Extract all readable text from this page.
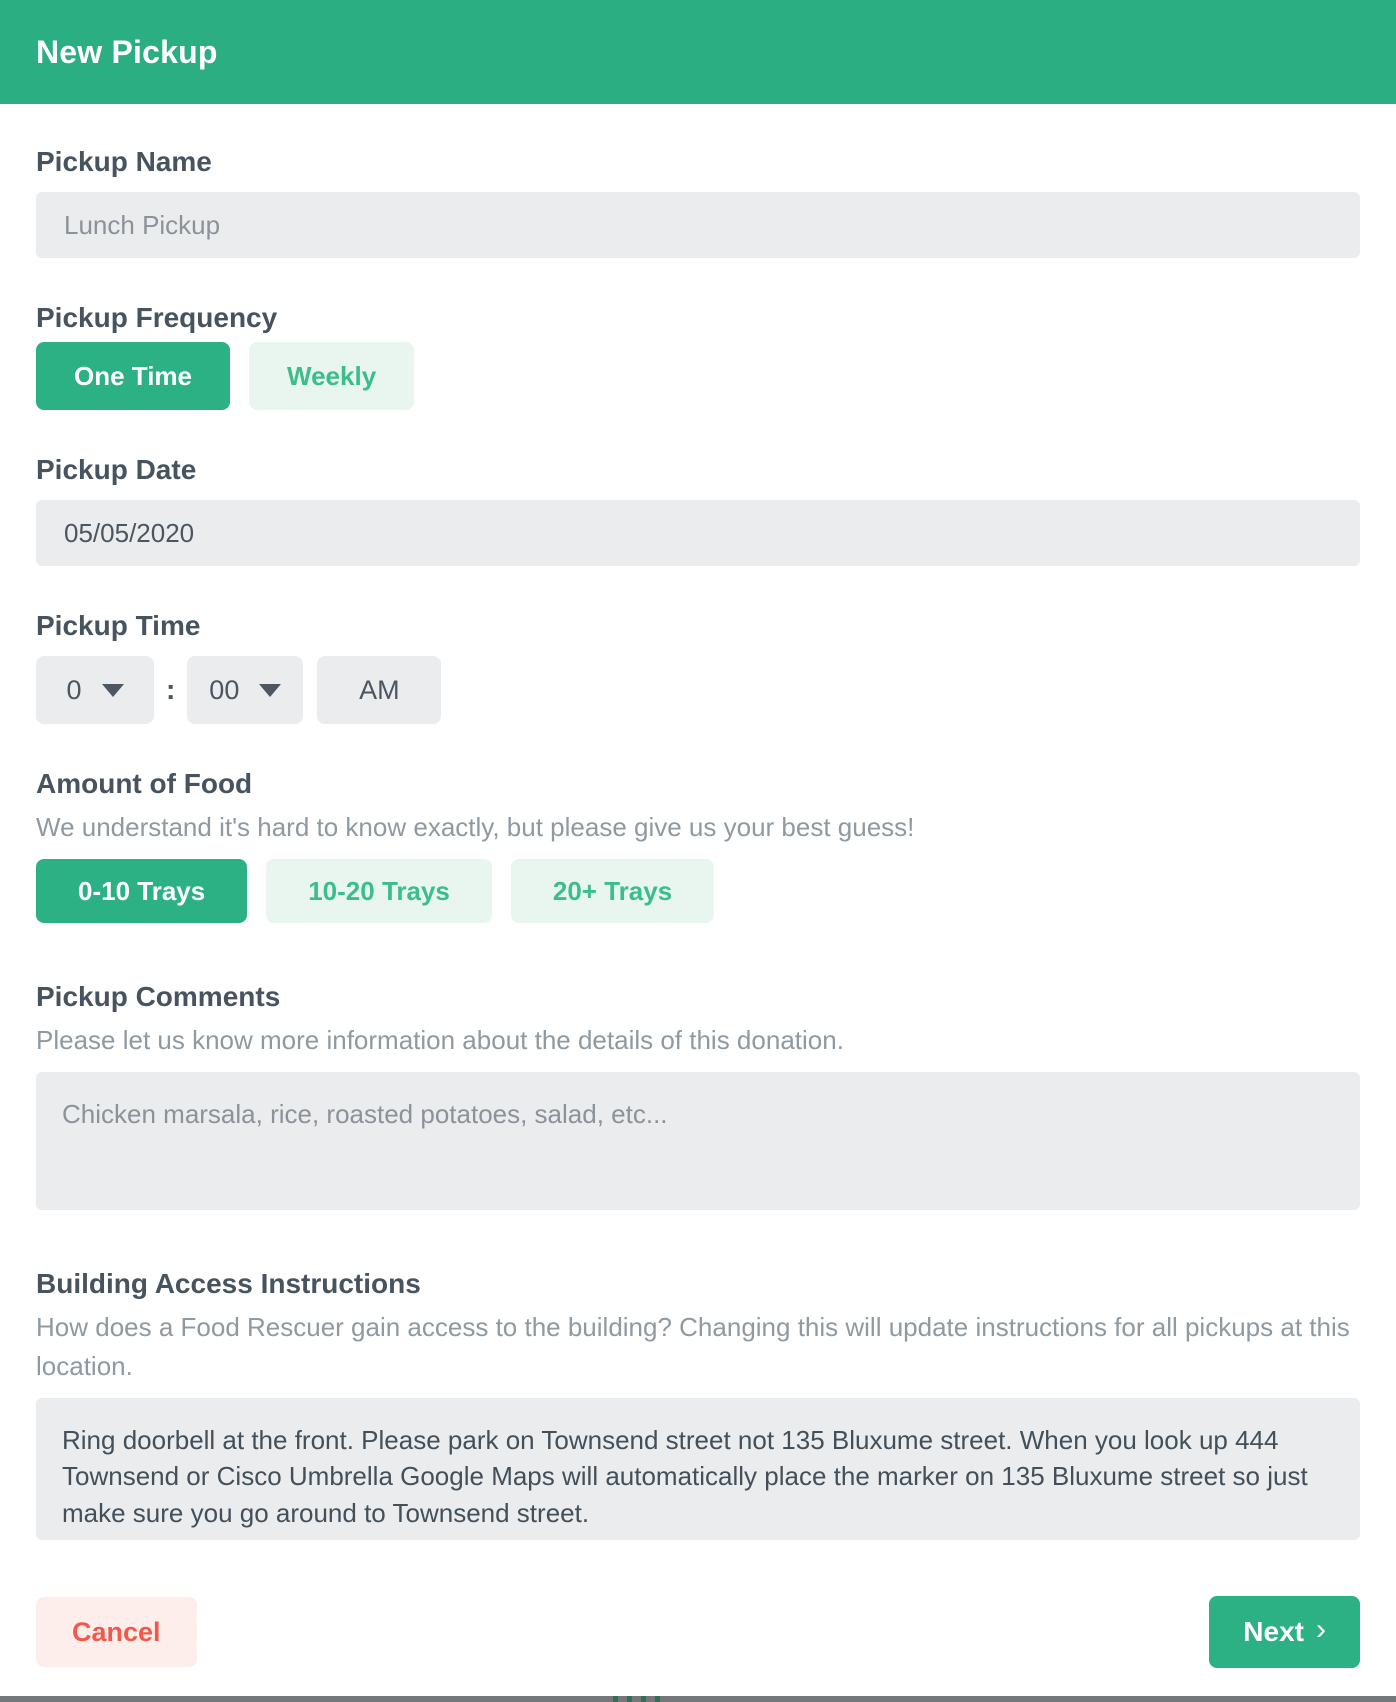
New Pickup
Pickup Name
Lunch Pickup
Pickup Frequency
One Time	Weekly
Pickup Date
05/05/2020
Pickup Time
0	: 00	AM
Amount of Food
We understand it's hard to know exactly, but please give us your best guess!
0-10 Trays	10-20 Trays	20+ Trays
Pickup Comments
Please let us know more information about the details of this donation.
Chicken marsala, rice, roasted potatoes, salad, etc...
Building Access Instructions
How does a Food Rescuer gain access to the building? Changing this will update instructions for all pickups at this location.
Ring doorbell at the front. Please park on Townsend street not 135 Bluxume street. When you look up 444 Townsend or Cisco Umbrella Google Maps will automatically place the marker on 135 Bluxume street so just make sure you go around to Townsend street.
Cancel	Next ›
